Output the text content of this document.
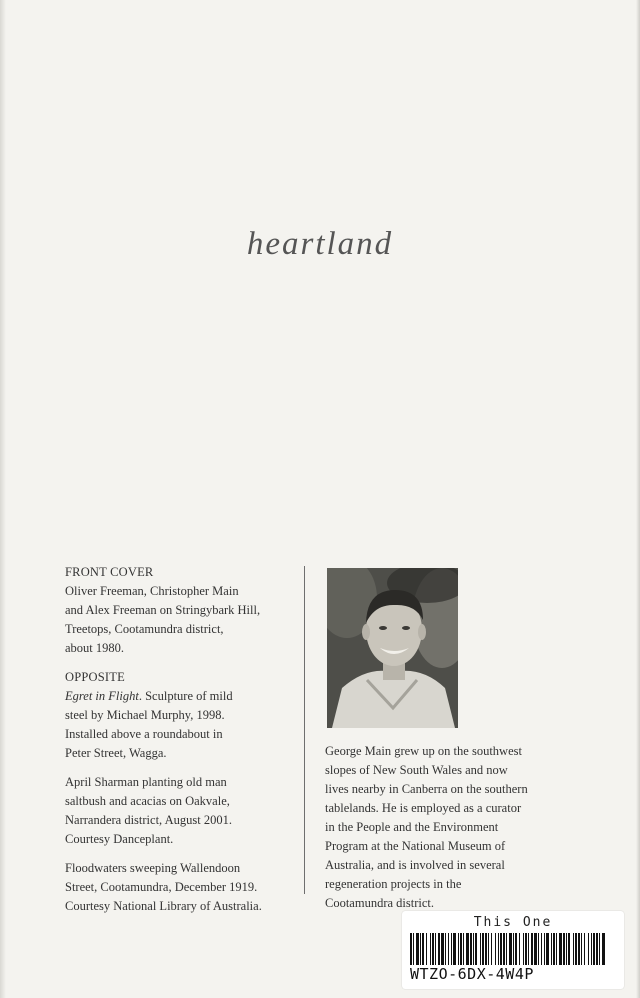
heartland

FRONT COVER

Oliver Freeman, Christopher Main

and Alex Freeman on Stringybark Hill,

Treetops, Cootamundra district,

about 1980.

OPPOSITE

Egret in Flight. Sculpture of mild

steel by Michael Murphy, 1998.

Installed above a roundabout in

Peter Street, Wagga.

April Sharman planting old man

saltbush and acacias on Oakvale,

Narrandera district, August 2001.

Courtesy Danceplant.

Floodwaters sweeping Wallendoon

Street, Cootamundra, December 1919.

Courtesy National Library of Australia.

George Main grew up on the southwest
slopes of New South Wales and now
lives nearby in Canberra on the southern
tablelands. He is employed as a curator
in the People and the Environment
Program at the National Museum of
Australia, and is involved in several
regeneration projects in the
Cootamundra district.
This One
WTZO-6DX-4W4P
